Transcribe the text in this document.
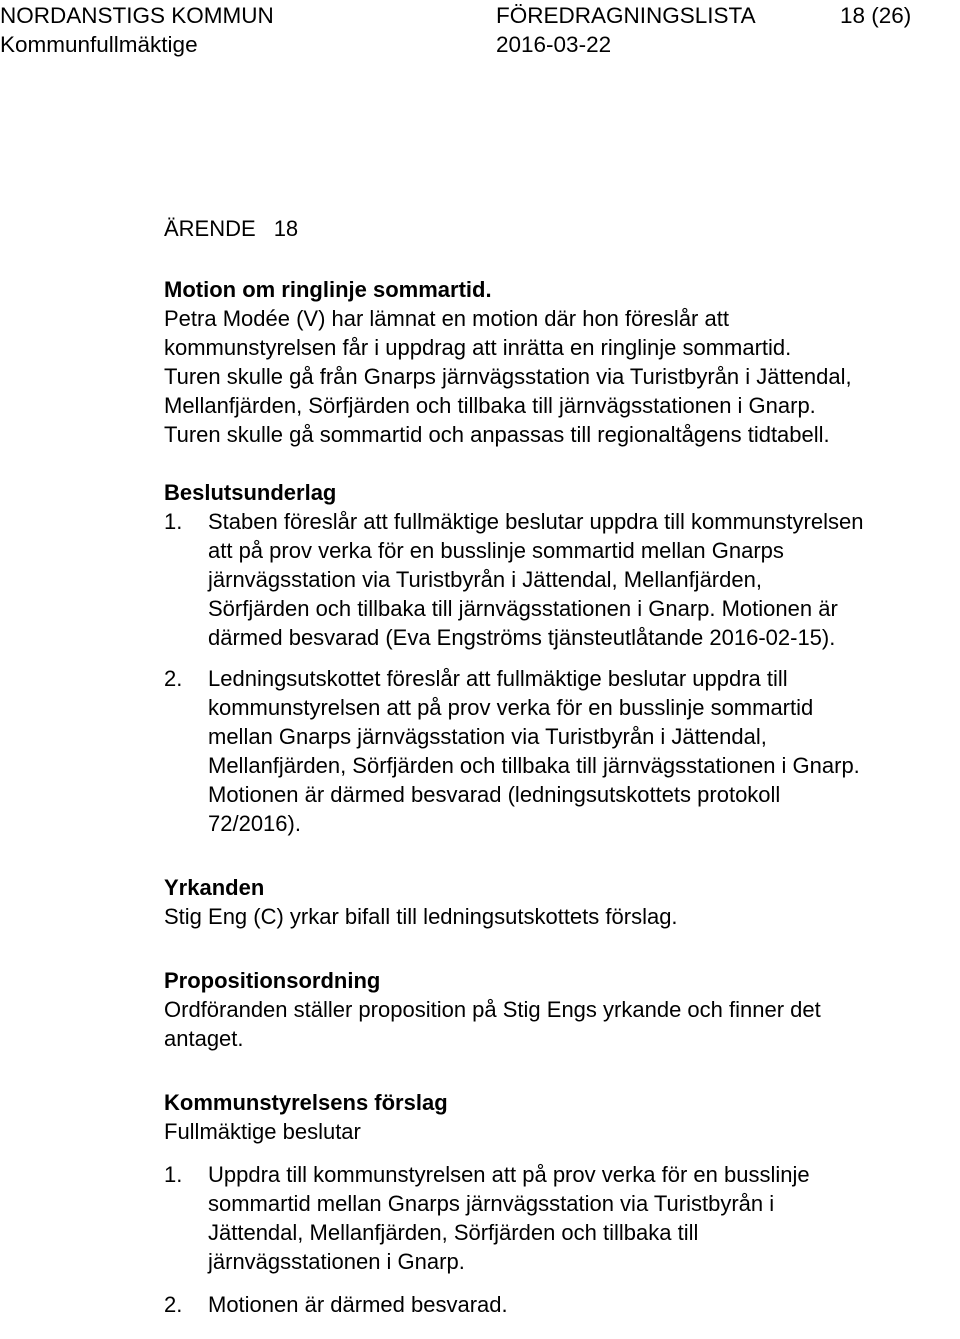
NORDANSTIGS KOMMUN	FÖREDRAGNINGSLISTA	18 (26)
Kommunfullmäktige	2016-03-22
ÄRENDE 18

Motion om ringlinje sommartid.

Petra Modée (V) har lämnat en motion där hon föreslår att

kommunstyrelsen får i uppdrag att inrätta en ringlinje sommartid.

Turen skulle gå från Gnarps järnvägsstation via Turistbyrån i Jättendal,

Mellanfjärden, Sörfjärden och tillbaka till järnvägsstationen i Gnarp.

Turen skulle gå sommartid och anpassas till regionaltågens tidtabell.

Beslutsunderlag

1. Staben föreslår att fullmäktige beslutar uppdra till kommunstyrelsen

att på prov verka för en busslinje sommartid mellan Gnarps

järnvägsstation via Turistbyrån i Jättendal, Mellanfjärden,

Sörfjärden och tillbaka till järnvägsstationen i Gnarp. Motionen är

därmed besvarad (Eva Engströms tjänsteutlåtande 2016-02-15).

2. Ledningsutskottet föreslår att fullmäktige beslutar uppdra till

kommunstyrelsen att på prov verka för en busslinje sommartid

mellan Gnarps järnvägsstation via Turistbyrån i Jättendal,

Mellanfjärden, Sörfjärden och tillbaka till järnvägsstationen i Gnarp.

Motionen är därmed besvarad (ledningsutskottets protokoll

72/2016).

Yrkanden

Stig Eng (C) yrkar bifall till ledningsutskottets förslag.

Propositionsordning

Ordföranden ställer proposition på Stig Engs yrkande och finner det

antaget.

Kommunstyrelsens förslag

Fullmäktige beslutar

1. Uppdra till kommunstyrelsen att på prov verka för en busslinje

sommartid mellan Gnarps järnvägsstation via Turistbyrån i

Jättendal, Mellanfjärden, Sörfjärden och tillbaka till

järnvägsstationen i Gnarp.

2. Motionen är därmed besvarad.
